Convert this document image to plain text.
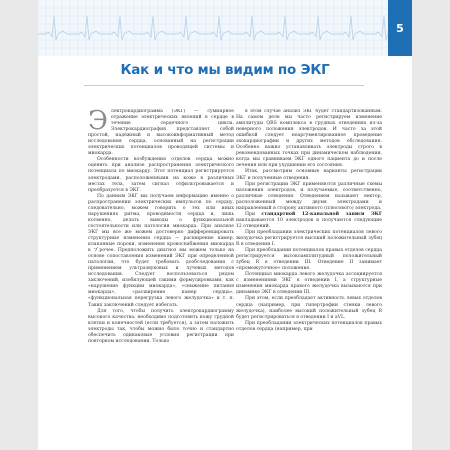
5
Как и что мы видим по ЭКГ

Электрокардиограмма (ЭКГ) — суммарное отражение электрических явлений в сердце в течение сердечного цикла. Электрокардиография представляет собой простой, надёжный и высокоинформативный метод исследования сердца, основанный на регистрации электрических потенциалов проводящей системы и миокарда.

Особенности возбуждения отделов сердца можно оценить при анализе распространения электрического потенциала по миокарду. Этот потенциал регистрируется электродами, расположенными на коже в различных местах тела, затем сигнал отфильтровывается и преобразуется в ЭКГ.

По данным ЭКГ мы получаем информацию именно о распространении электрических импульсов по сердцу, следовательно, можем говорить о тех или иных нарушениях ритма, проводимости сердца и, лишь косвенно, делать выводы о функциональной состоятельности или патологии миокарда. При анализе ЭКГ мы все же можем достоверно дифференцировать структурные изменения сердца — расширение камер, клапанные пороки, изменения кровоснабжения миокарда в プрочее. Предположить диагноз мы можем только на основе сопоставления изменений ЭКГ при определенной патологии, что будет требовать дообследования с применением ультразвуковых и лучевых методов исследования. Следует воспользоваться рядом заключений, изобилующей такими формулировками, как «нарушение функции миокарда», «снижение питания миокарда», «расширение камер сердца», «функциональная перегрузка левого желудочка» и т. п. Таких заключений следует избегать.

Для того, чтобы получить электрокардиограмму высокого качества, необходимо подготовить кожу грудной клетки и конечностей (если требуется), а затем наложить электроды так, чтобы можно было точно и стандартно обеспечить одинаковые условия регистрации при повторном исследовании. Только

в этом случае анализ ЭКГ будет стандартизованным. На самом деле мы часто регистрируем изменение амплитуды QRS комплекса в грудных отведениях из-за неверного положения электродов. И часто за этой ошибкой следует неаргументированное проведение эхокардиографии и других методов обследования. Особенно важно устанавливать электроды строго в рекомендованных точках при динамическом наблюдении, когда мы сравниваем ЭКГ одного пациента до и после лечения или при ухудшении его состояния.

Итак, рассмотрим основные варианты регистрации ЭКГ и полученные отведения.

При регистрации ЭКГ применяются различные схемы наложения электродов, и получаемые, соответственно, различные отведения. Отведением называют вектор, расположенный между двумя электродами и направленный в сторону активного (плюсового) электрода.

При стандартной 12-канальной записи ЭКГ накладываются 10 электродов и получаются следующие 12 отведений.

При преобладании электрических потенциалов левого желудочка регистрируется высокий положительный зубец R в отведении I.

При преобладании потенциалов правых отделов сердца регистрируется высокоамплитудный положительный зубец R в отведении III. Отведение II занимает «промежуточное» положение.

Потенциал миокарда левого желудочка ассоциируется с изменениями ЭКГ в отведении I, а структурные изменения миокарда правого желудочка вызываются при динамике ЭКГ в отведении III.

При этом, если преобладает активность левых отделов сердца (например, при гипертрофии стенки левого желудочка), наиболее высокий положительный зубец R будет регистрироваться в отведении I и aVL.

При преобладании электрических потенциалов правых отделов сердца (например, при
